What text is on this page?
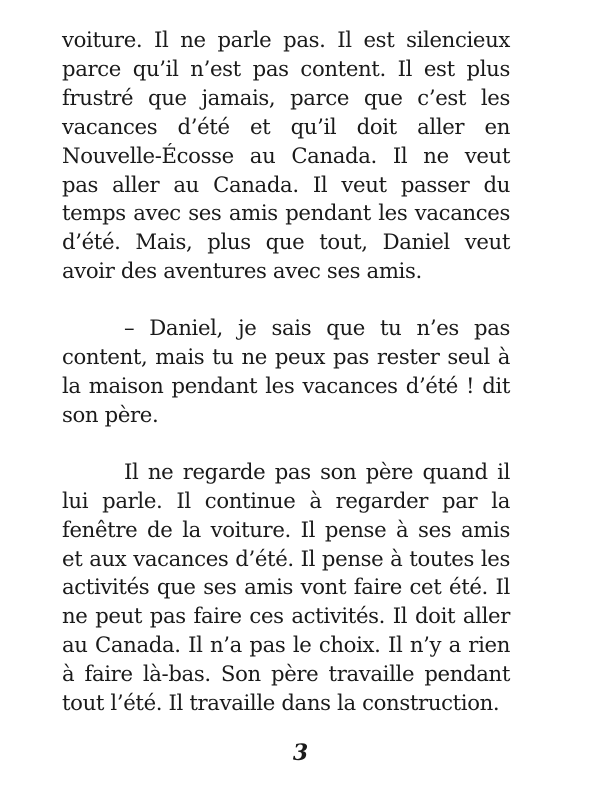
voiture. Il ne parle pas. Il est silencieux
parce qu’il n’est pas content. Il est plus
frustré que jamais, parce que c’est les
vacances d’été et qu’il doit aller en
Nouvelle-Écosse au Canada. Il ne veut
pas aller au Canada. Il veut passer du
temps avec ses amis pendant les vacances
d’été. Mais, plus que tout, Daniel veut
avoir des aventures avec ses amis.
– Daniel, je sais que tu n’es pas
content, mais tu ne peux pas rester seul à
la maison pendant les vacances d’été ! dit
son père.
Il ne regarde pas son père quand il
lui parle. Il continue à regarder par la
fenêtre de la voiture. Il pense à ses amis
et aux vacances d’été. Il pense à toutes les
activités que ses amis vont faire cet été. Il
ne peut pas faire ces activités. Il doit aller
au Canada. Il n’a pas le choix. Il n’y a rien
à faire là-bas. Son père travaille pendant
tout l’été. Il travaille dans la construction.
3
